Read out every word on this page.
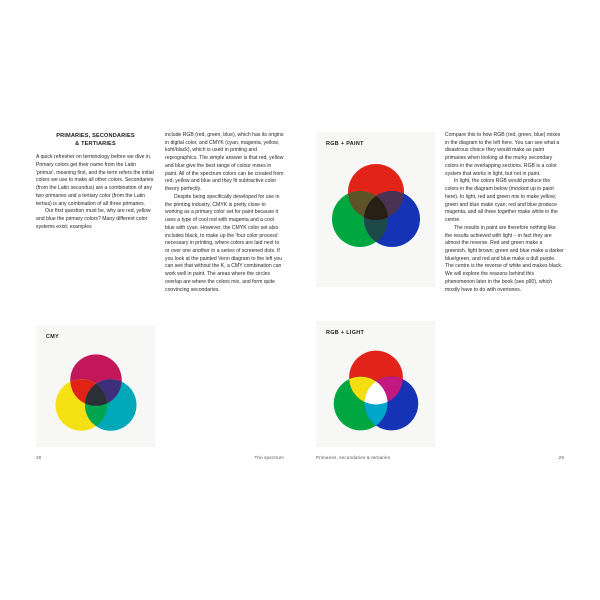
PRIMARIES, SECONDARIES
& TERTIARIES

A quick refresher on terminology before we dive in. Primary colors get their name from the Latin 'primus', meaning first, and the term refers the initial colors we use to make all other colors. Secondaries (from the Latin secundus) are a combination of any two primaries and a tertiary color (from the Latin tertius) is any combination of all three primaries.

Our first question must be, why are red, yellow and blue the primary colors? Many different color systems exist; examples

include RGB (red, green, blue), which has its origins in digital color, and CMYK (cyan, magenta, yellow, kohl/black), which is used in printing and reprographics. The simple answer is that red, yellow and blue give the best range of colour mixes in paint. All of the spectrum colors can be created from red, yellow and blue and they fit subtractive color theory perfectly.

Despite being specifically developed for use in the printing industry, CMYK is pretty close to working as a primary color set for paint because it uses a type of cool red with magenta and a cool blue with cyan. However, the CMYK color set also includes black, to make up the 'four color process' necessary in printing, where colors are laid next to or over one another in a series of screened dots. If you look at the painted Venn diagram to the left you can see that without the K, a CMY combination can work well in paint. The areas where the circles overlap are where the colors mix, and form quite convincing secondaries.

CMY
28	The spectrum
RGB + PAINT
RGB + LIGHT

Compare this to how RGB (red, green, blue) mixes in the diagram to the left here. You can see what a disastrous choice they would make as paint primaries when looking at the murky secondary colors in the overlapping sections. RGB is a color system that works in light, but not in paint.

In light, the colors RGB would produce the colors in the diagram below (mocked up in paint here). In light, red and green mix to make yellow; green and blue make cyan; red and blue produce magenta, and all three together make white in the centre.

The results in paint are therefore nothing like the results achieved with light – in fact they are almost the reverse. Red and green make a greenish, light brown; green and blue make a darker blue/green, and red and blue make a dull purple. The centre is the reverse of white and makes black. We will explore the reasons behind this phenomenon later in the book (see p90), which mostly have to do with overtones.

Primaries, secondaries & tertiaries	29
